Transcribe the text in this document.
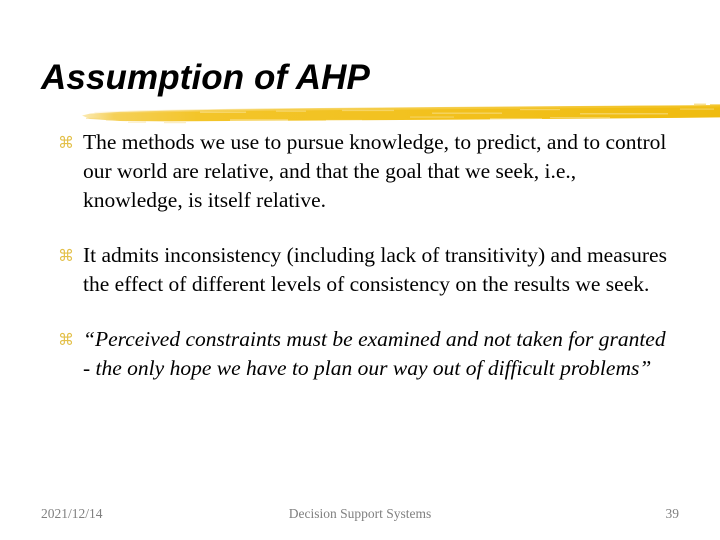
Assumption of AHP
⌘ The methods we use to pursue knowledge, to predict, and to control our world are relative, and that the goal that we seek, i.e., knowledge, is itself relative.
⌘ It admits inconsistency (including lack of transitivity) and measures the effect of different levels of consistency on the results we seek.
⌘ “Perceived constraints must be examined and not taken for granted - the only hope we have to plan our way out of difficult problems”
2021/12/14	Decision Support Systems	39
